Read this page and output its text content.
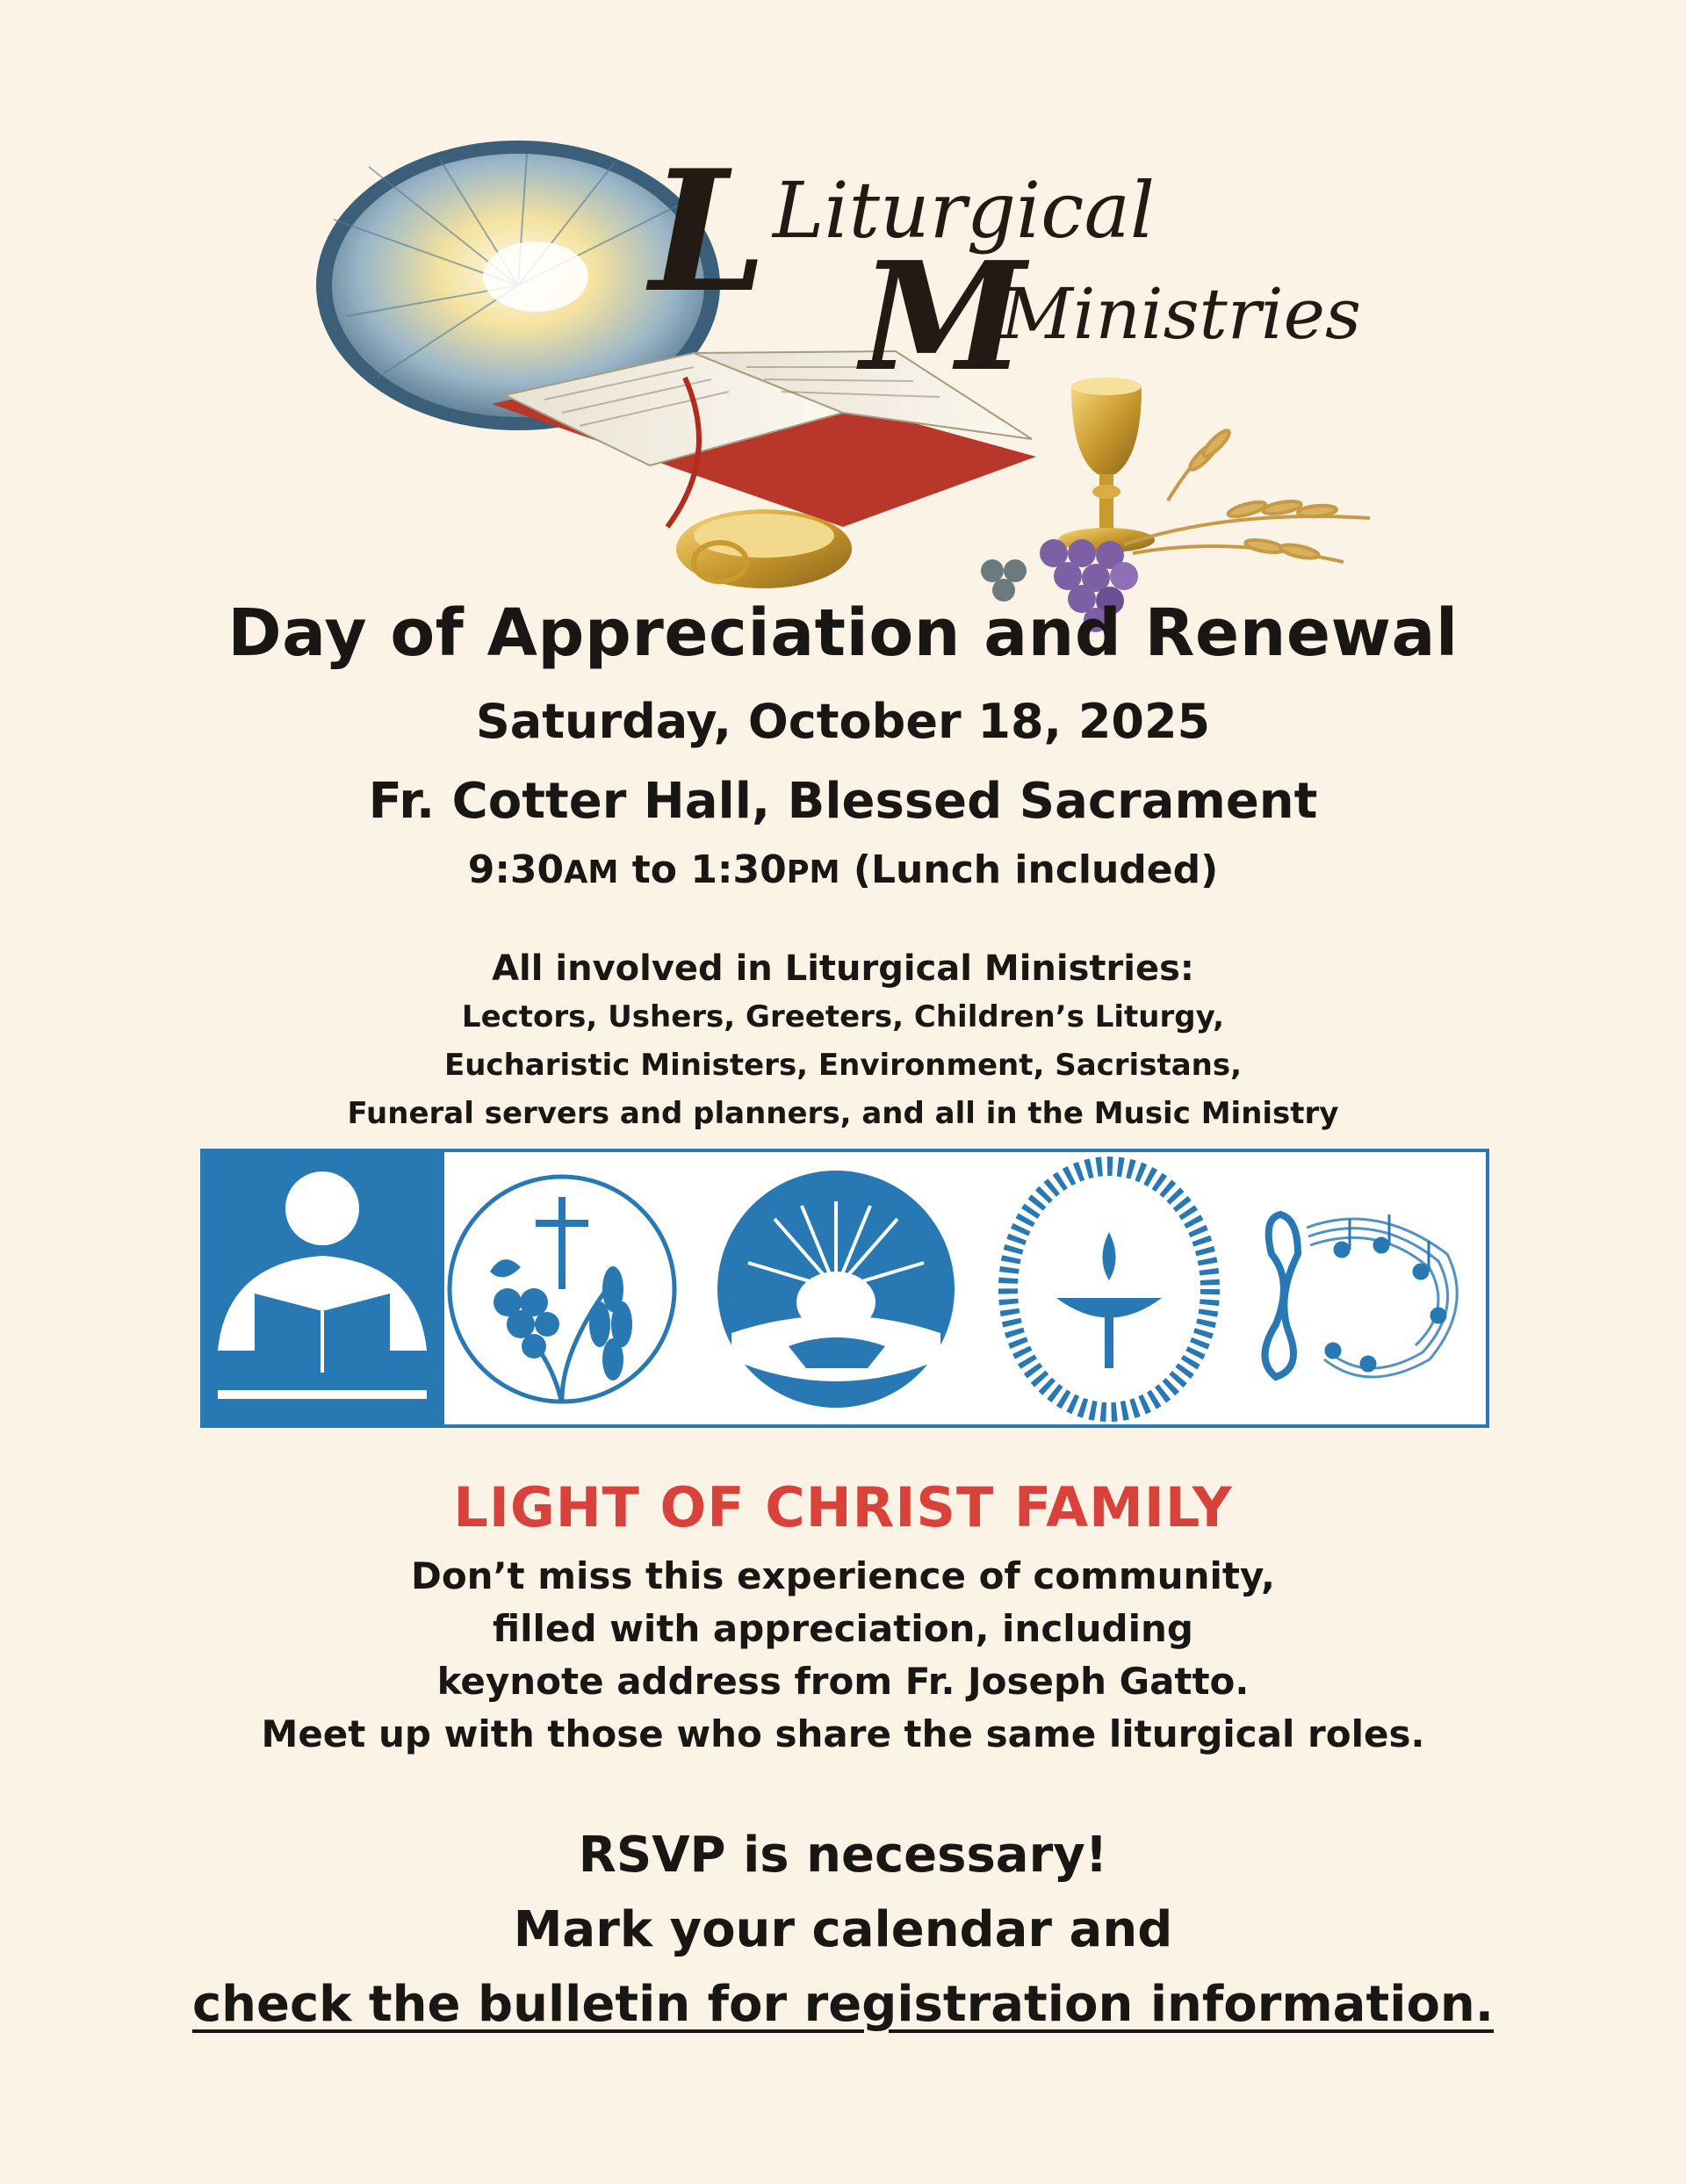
L Liturgical
M
Ministries
Day of Appreciation and Renewal
Saturday, October 18, 2025
Fr. Cotter Hall, Blessed Sacrament
9:30AM to 1:30PM (Lunch included)
All involved in Liturgical Ministries:
Lectors, Ushers, Greeters, Children’s Liturgy,
Eucharistic Ministers, Environment, Sacristans,
Funeral servers and planners, and all in the Music Ministry
LIGHT OF CHRIST FAMILY
Don’t miss this experience of community,
filled with appreciation, including
keynote address from Fr. Joseph Gatto.
Meet up with those who share the same liturgical roles.
RSVP is necessary!
Mark your calendar and
check the bulletin for registration information.
